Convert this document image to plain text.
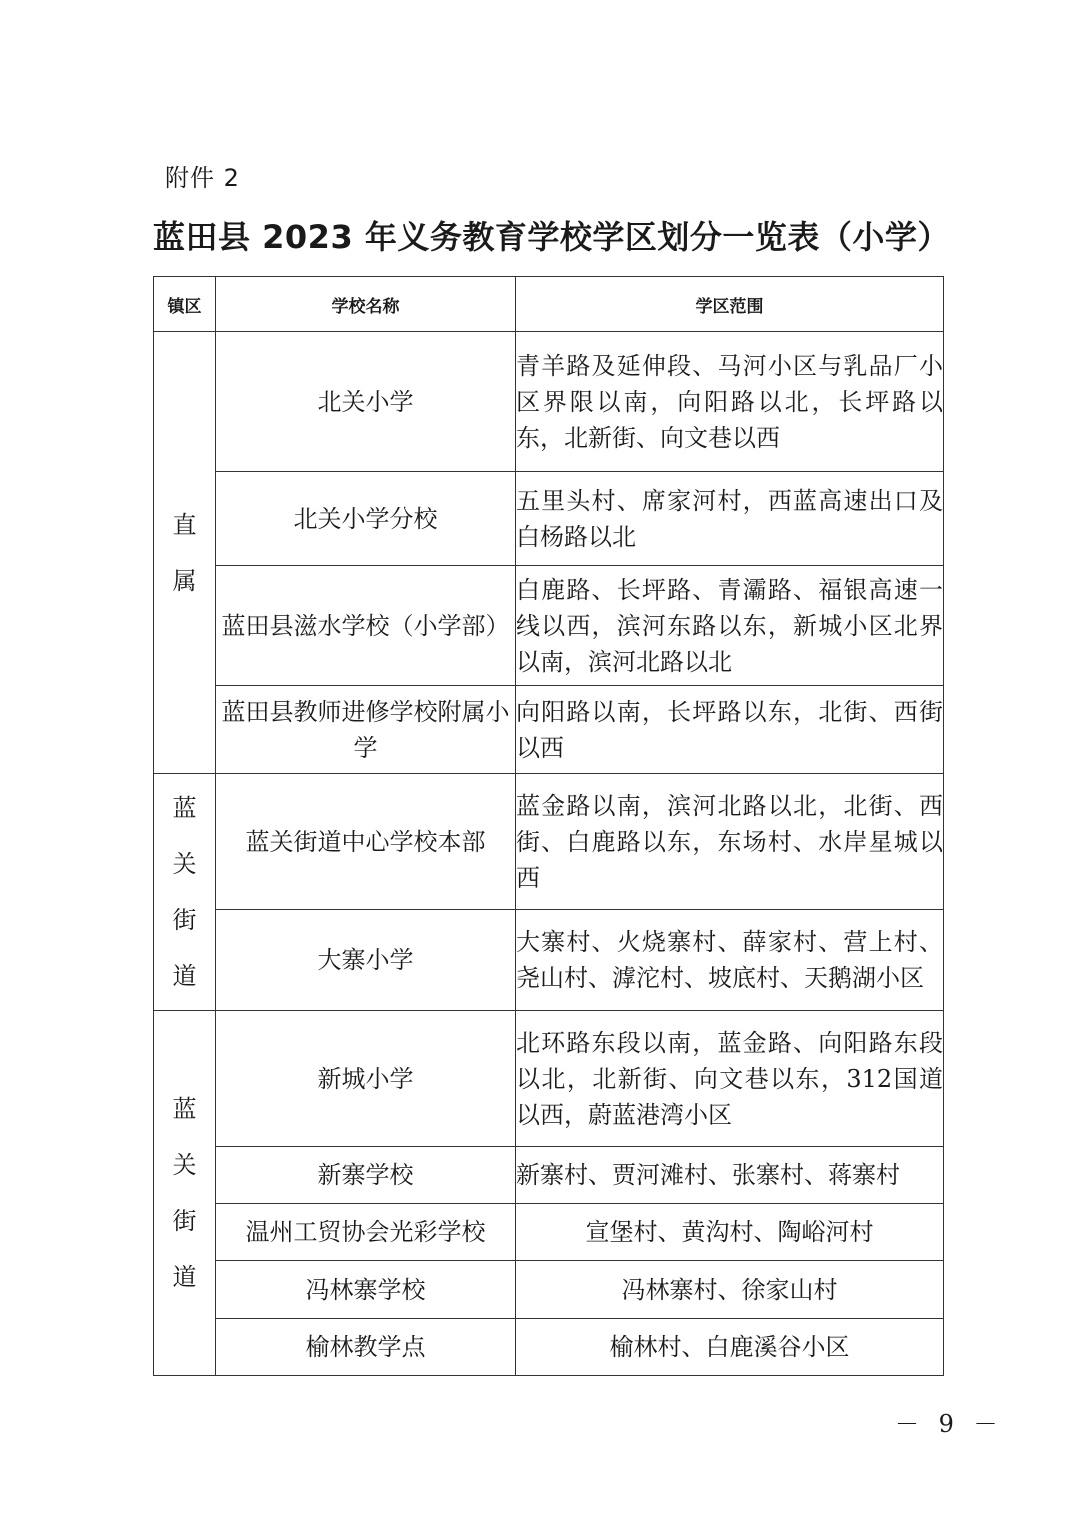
附件 2
蓝田县 2023 年义务教育学校学区划分一览表（小学）
镇区	学校名称	学区范围

直
属	北关小学	青羊路及延伸段、马河小区与乳品厂小区界限以南，向阳路以北，长坪路以东，北新街、向文巷以西
	北关小学分校	五里头村、席家河村，西蓝高速出口及白杨路以北
	蓝田县滋水学校（小学部）	白鹿路、长坪路、青灞路、福银高速一线以西，滨河东路以东，新城小区北界以南，滨河北路以北
	蓝田县教师进修学校附属小学	向阳路以南，长坪路以东，北街、西街以西

蓝
关
街
道	蓝关街道中心学校本部	蓝金路以南，滨河北路以北，北街、西街、白鹿路以东，东场村、水岸星城以西
	大寨小学	大寨村、火烧寨村、薛家村、营上村、尧山村、滹沱村、坡底村、天鹅湖小区

蓝
关
街
道	新城小学	北环路东段以南，蓝金路、向阳路东段以北，北新街、向文巷以东，312国道以西，蔚蓝港湾小区
	新寨学校	新寨村、贾河滩村、张寨村、蒋寨村
	温州工贸协会光彩学校	宣堡村、黄沟村、陶峪河村
	冯林寨学校	冯林寨村、徐家山村
	榆林教学点	榆林村、白鹿溪谷小区
－ 9 －
